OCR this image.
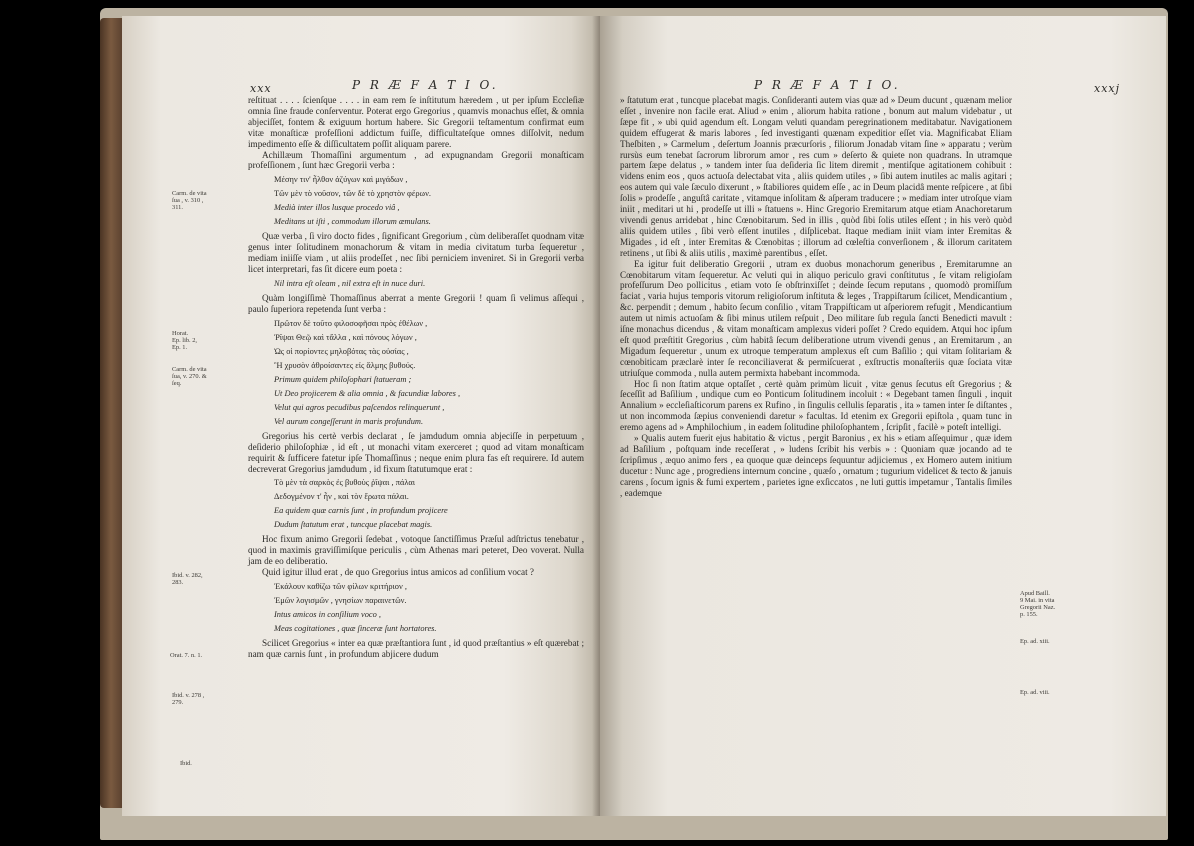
xxx	P R Æ F A T I O.

reſtituat . . . . ſcienſque . . . . in eam rem ſe inſtitutum hæredem , ut per ipſum Eccleſiæ omnia ſine fraude conſerventur. Poterat ergo Gregorius , quamvis monachus eſſet, & omnia abjeciſſet, fontem & exiguum hortum habere. Sic Gregorii teſtamentum confirmat eum vitæ monaſticæ profeſſioni addictum fuiſſe, difficultateſque omnes diſſolvit, nedum impedimento eſſe & diſſicultatem poſſit aliquam parere.

Achillæum Thomaſſini argumentum , ad expugnandam Gregorii monaſticam profeſſionem , ſunt hæc Gregorii verba :

Μέσην τιν' ἦλθον ἀζύγων καὶ μιγάδων ,

Τῶν μὲν τὸ νοῦσον, τῶν δὲ τὸ χρηστὸν φέρων.

Medià inter illos lusque procedo viâ ,

Meditans ut iſti , commodum illorum æmulans.

Quæ verba , ſi viro docto fides , ſignificant Gregorium , cùm deliberaſſet quodnam vitæ genus inter ſolitudinem monachorum & vitam in media civitatum turba ſequeretur , mediam iniiſſe viam , ut aliis prodeſſet , nec ſibi perniciem inveniret. Si in Gregorii verba licet interpretari, fas ſit dicere eum poeta :

Nil intra eſt oleam , nil extra eſt in nuce duri.

Quàm longiſſimè Thomaſſinus aberrat a mente Gregorii ! quam ſi velimus aſſequi , paulo ſuperiora repetenda ſunt verba :

Πρῶτον δὲ τοῦτο φιλοσοφῆσαι πρὸς ἐθέλων ,

Ῥῖψαι Θεῷ καὶ τἄλλα , καὶ πόνους λόγων ,

Ὡς οἱ πορίοντες μηλοβότας τὰς οὐσίας ,

Ἢ χρυσὸν ἀθροίσαντες εἰς ἅλμης βυθούς.

Primum quidem philoſophari ſtatueram ;

Ut Deo projicerem & alia omnia , & facundiæ labores ,

Velut qui agros pecudibus paſcendos relinquerunt ,

Vel aurum congeſſerunt in maris profundum.

Gregorius his certè verbis declarat , ſe jamdudum omnia abjeciſſe in perpetuum , deſiderio philoſophiæ , id eſt , ut monachi vitam exerceret ; quod ad vitam monaſticam requirit & ſufficere fatetur ipſe Thomaſſinus ; neque enim plura fas eſt requirere. Id autem decreverat Gregorius jamdudum , id fixum ſtatutumque erat :

Τὸ μὲν τὰ σαρκὸς ἐς βυθοὺς ῥῖψαι , πάλαι

Δεδογμένον τ' ἦν , καὶ τὸν ἔρωτα πάλαι.

Ea quidem quæ carnis ſunt , in profundum projicere

Dudum ſtatutum erat , tuncque placebat magis.

Hoc fixum animo Gregorii ſedebat , votoque ſanctiſſimus Præſul adſtrictus tenebatur , quod in maximis graviſſimiſque periculis , cùm Athenas mari peteret, Deo voverat. Nulla jam de eo deliberatio.

Quid igitur illud erat , de quo Gregorius intus amicos ad conſilium vocat ?

Ἐκάλουν καθίζω τῶν φίλων κριτήριον ,

Ἐμῶν λογισμῶν , γνησίων παραινετῶν.

Intus amicos in conſilium voco ,

Meas cogitationes , quæ ſinceræ ſunt hortatores.

Scilicet Gregorius « inter ea quæ præſtantiora ſunt , id quod præſtantius » eſt quærebat ; nam quæ carnis ſunt , in profundum abjicere dudum

Carm. de vita
ſua , v. 310 ,
311.
Horat.
Ep. lib. 2,
Ep. 1.
Carm. de vita
ſua, v. 270. &
ſeq.
Ibid. v. 282,
283.
Orat. 7. n. 1.
Ibid. v. 278 ,
279.
Ibid.
P R Æ F A T I O.	xxxj

» ſtatutum erat , tuncque placebat magis. Conſideranti autem vias quæ ad » Deum ducunt , quænam melior eſſet , invenire non facile erat. Aliud » enim , aliorum habita ratione , bonum aut malum videbatur , ut ſæpe fit , » ubi quid agendum eſt. Longam veluti quandam peregrinationem meditabatur. Navigationem quidem effugerat & maris labores , ſed investiganti quænam expeditior eſſet via. Magnificabat Eliam Theſbiten , » Carmelum , deſertum Joannis præcurſoris , filiorum Jonadab vitam ſine » apparatu ; verùm rursùs eum tenebat ſacrorum librorum amor , res cum » deſerto & quiete non quadrans. In utramque partem ſæpe delatus , » tandem inter ſua deſideria ſic litem diremit , mentiſque agitationem cohibuit : videns enim eos , quos actuoſa delectabat vita , aliis quidem utiles , » ſibi autem inutiles ac malis agitari ; eos autem qui vale ſæculo dixerunt , » ſtabiliores quidem eſſe , ac in Deum placidâ mente reſpicere , at ſibi ſolis » prodeſſe , anguſtâ caritate , vitamque inſolitam & aſperam traducere ; » mediam inter utroſque viam iniit , meditari ut hi , prodeſſe ut illi » ſtatuens ». Hinc Gregorio Eremitarum atque etiam Anachoretarum vivendi genus arridebat , hinc Cœnobitarum. Sed in illis , quòd ſibi ſolis utiles eſſent ; in his verò quòd aliis quidem utiles , ſibi verò eſſent inutiles , diſplicebat. Itaque mediam iniit viam inter Eremitas & Migades , id eſt , inter Eremitas & Cœnobitas ; illorum ad cœleſtia converſionem , & illorum caritatem retinens , ut ſibi & aliis utilis , maximè parentibus , eſſet.

Ea igitur fuit deliberatio Gregorii , utram ex duobus monachorum generibus , Eremitarumne an Cœnobitarum vitam ſequeretur. Ac veluti qui in aliquo periculo gravi conſtitutus , ſe vitam religioſam profeſſurum Deo pollicitus , etiam voto ſe obſtrinxiſſet ; deinde ſecum reputans , quomodò promiſſum faciat , varia hujus temporis vitorum religioſorum inſtituta & leges , Trappiſtarum ſcilicet, Mendicantium , &c. perpendit ; demum , habito ſecum conſilio , vitam Trappiſticam ut aſperiorem refugit , Mendicantium autem ut nimis actuoſam & ſibi minus utilem reſpuit , Deo militare ſub regula ſancti Benedicti mavult : iſne monachus dicendus , & vitam monaſticam amplexus videri poſſet ? Credo equidem. Atqui hoc ipſum eſt quod præſtitit Gregorius , cùm habitâ ſecum deliberatione utrum vivendi genus , an Eremitarum , an Migadum ſequeretur , unum ex utroque temperatum amplexus eſt cum Baſilio ; qui vitam ſolitariam & cœnobiticam præclarè inter ſe reconciliaverat & permiſcuerat , exſtructis monaſteriis quæ ſociata vitæ utriuſque commoda , nulla autem permixta habebant incommoda.

Hoc ſi non ſtatim atque optaſſet , certè quàm primùm licuit , vitæ genus ſecutus eſt Gregorius ; & ſeceſſit ad Baſilium , undique cum eo Ponticum ſolitudinem incoluit : « Degebant tamen ſinguli , inquit Annalium » eccleſiaſticorum parens ex Rufino , in ſingulis cellulis ſeparatis , ita » tamen inter ſe diſtantes , ut non incommoda ſæpius conveniendi daretur » facultas. Id etenim ex Gregorii epiſtola , quam tunc in eremo agens ad » Amphilochium , in eadem ſolitudine philoſophantem , ſcripſit , facilè » poteſt intelligi.

» Qualis autem fuerit ejus habitatio & victus , pergit Baronius , ex his » etiam aſſequimur , quæ idem ad Baſilium , poſtquam inde receſſerat , » ludens ſcribit his verbis » : Quoniam quæ jocando ad te ſcripſimus , æquo animo fers , ea quoque quæ deinceps ſequuntur adjiciemus , ex Homero autem initium ducetur : Nunc age , progrediens internum concine , quæſo , ornatum ; tugurium videlicet & tecto & januis carens , ſocum ignis & fumi expertem , parietes igne exſiccatos , ne luti guttis impetamur , Tantalis ſimiles , eademque

Apud Baill.
9 Mai. in vita
Gregorii Naz.
p. 155.
Ep. ad. xiii.
Ep. ad. viii.
